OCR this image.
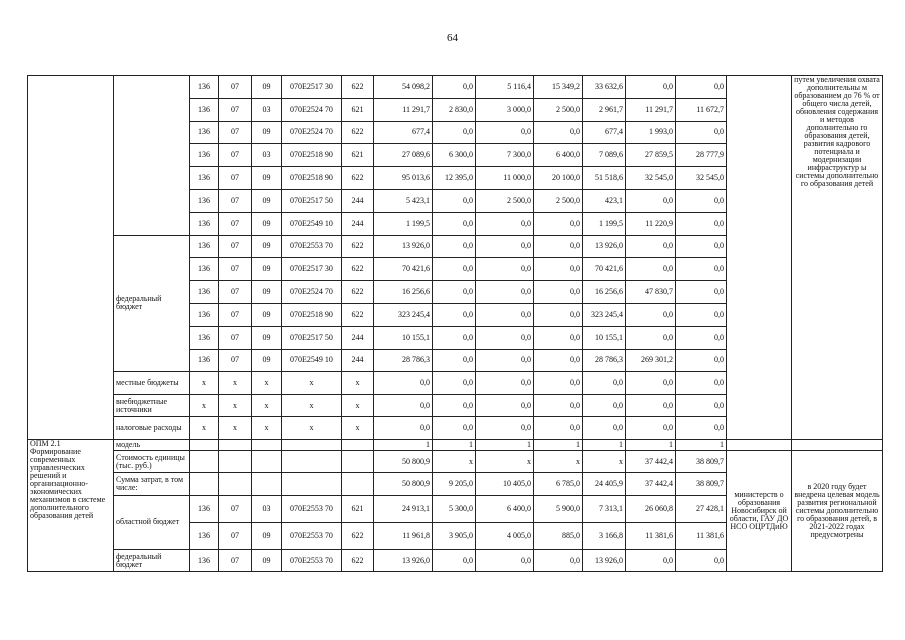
64
		136	07	09	070E2517 30	622	54 098,2	0,0	5 116,4	15 349,2	33 632,6	0,0	0,0		путем увеличения охвата дополнительны м образованием до 76 % от общего числа детей, обновления содержания и методов дополнительно го образования детей, развития кадрового потенциала и модернизации инфраструктур ы системы дополнительно го образования детей
		136	07	03	070E2524 70	621	11 291,7	2 830,0	3 000,0	2 500,0	2 961,7	11 291,7	11 672,7		
		136	07	09	070E2524 70	622	677,4	0,0	0,0	0,0	677,4	1 993,0	0,0		
		136	07	03	070E2518 90	621	27 089,6	6 300,0	7 300,0	6 400,0	7 089,6	27 859,5	28 777,9		
		136	07	09	070E2518 90	622	95 013,6	12 395,0	11 000,0	20 100,0	51 518,6	32 545,0	32 545,0		
		136	07	09	070E2517 50	244	5 423,1	0,0	2 500,0	2 500,0	423,1	0,0	0,0		
		136	07	09	070E2549 10	244	1 199,5	0,0	0,0	0,0	1 199,5	11 220,9	0,0		
	федеральный бюджет	136	07	09	070E2553 70	622	13 926,0	0,0	0,0	0,0	13 926,0	0,0	0,0		
		136	07	09	070E2517 30	622	70 421,6	0,0	0,0	0,0	70 421,6	0,0	0,0		
		136	07	09	070E2524 70	622	16 256,6	0,0	0,0	0,0	16 256,6	47 830,7	0,0		
		136	07	09	070E2518 90	622	323 245,4	0,0	0,0	0,0	323 245,4	0,0	0,0		
		136	07	09	070E2517 50	244	10 155,1	0,0	0,0	0,0	10 155,1	0,0	0,0		
		136	07	09	070E2549 10	244	28 786,3	0,0	0,0	0,0	28 786,3	269 301,2	0,0		
	местные бюджеты	x	x	x	x	x	0,0	0,0	0,0	0,0	0,0	0,0	0,0		
	внебюджетные источники	x	x	x	x	x	0,0	0,0	0,0	0,0	0,0	0,0	0,0		
	налоговые расходы	x	x	x	x	x	0,0	0,0	0,0	0,0	0,0	0,0	0,0		
ОПМ 2.1 Формирование современных управленческих решений и организационно-экономических механизмов в системе дополнительного образования детей	модель						1	1	1	1	1	1	1		
	Стоимость единицы (тыс. руб.)						50 800,9	x	x	x	x	37 442,4	38 809,7	министерств о образования Новосибирск ой области, ГАУ ДО НСО ОЦРТДиЮ	в 2020 году будет внедрена целевая модель развития региональной системы дополнительно го образования детей, в 2021-2022 годах предусмотрены
	Сумма затрат, в том числе:						50 800,9	9 205,0	10 405,0	6 785,0	24 405,9	37 442,4	38 809,7		
	областной бюджет	136	07	03	070E2553 70	621	24 913,1	5 300,0	6 400,0	5 900,0	7 313,1	26 060,8	27 428,1		
		136	07	09	070E2553 70	622	11 961,8	3 905,0	4 005,0	885,0	3 166,8	11 381,6	11 381,6		
	федеральный бюджет	136	07	09	070E2553 70	622	13 926,0	0,0	0,0	0,0	13 926,0	0,0	0,0		
